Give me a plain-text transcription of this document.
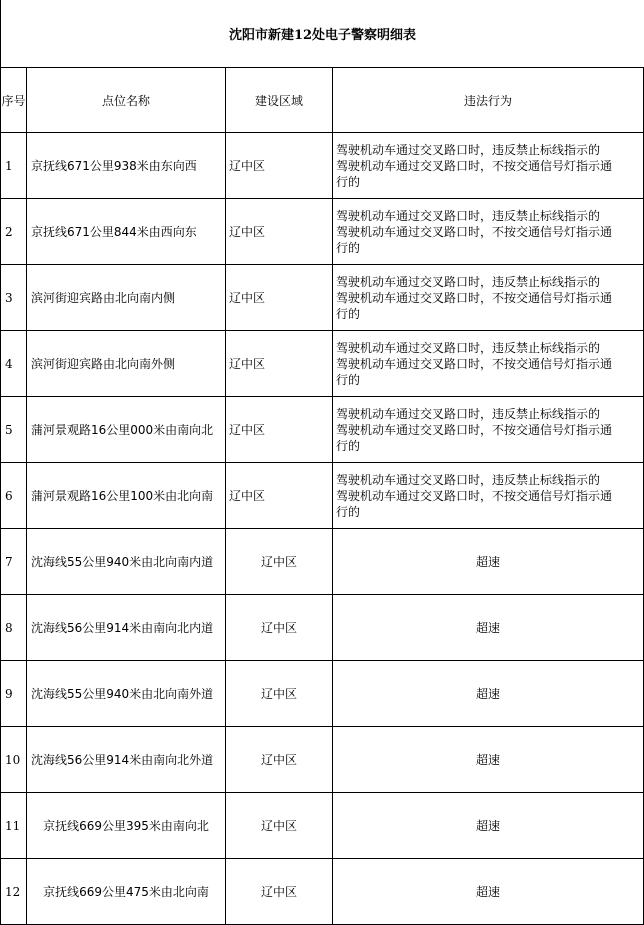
沈阳市新建12处电子警察明细表
序号	点位名称	建设区域	违法行为
1	京抚线671公里938米由东向西	辽中区	驾驶机动车通过交叉路口时，违反禁止标线指示的
驾驶机动车通过交叉路口时，不按交通信号灯指示通
行的

2	京抚线671公里844米由西向东	辽中区	驾驶机动车通过交叉路口时，违反禁止标线指示的
驾驶机动车通过交叉路口时，不按交通信号灯指示通
行的

3	滨河街迎宾路由北向南内侧	辽中区	驾驶机动车通过交叉路口时，违反禁止标线指示的
驾驶机动车通过交叉路口时，不按交通信号灯指示通
行的

4	滨河街迎宾路由北向南外侧	辽中区	驾驶机动车通过交叉路口时，违反禁止标线指示的
驾驶机动车通过交叉路口时，不按交通信号灯指示通
行的

5	蒲河景观路16公里000米由南向北	辽中区	驾驶机动车通过交叉路口时，违反禁止标线指示的
驾驶机动车通过交叉路口时，不按交通信号灯指示通
行的

6	蒲河景观路16公里100米由北向南	辽中区	驾驶机动车通过交叉路口时，违反禁止标线指示的
驾驶机动车通过交叉路口时，不按交通信号灯指示通
行的

7	沈海线55公里940米由北向南内道	辽中区	超速
8	沈海线56公里914米由南向北内道	辽中区	超速
9	沈海线55公里940米由北向南外道	辽中区	超速
10	沈海线56公里914米由南向北外道	辽中区	超速
11	京抚线669公里395米由南向北	辽中区	超速
12	京抚线669公里475米由北向南	辽中区	超速
